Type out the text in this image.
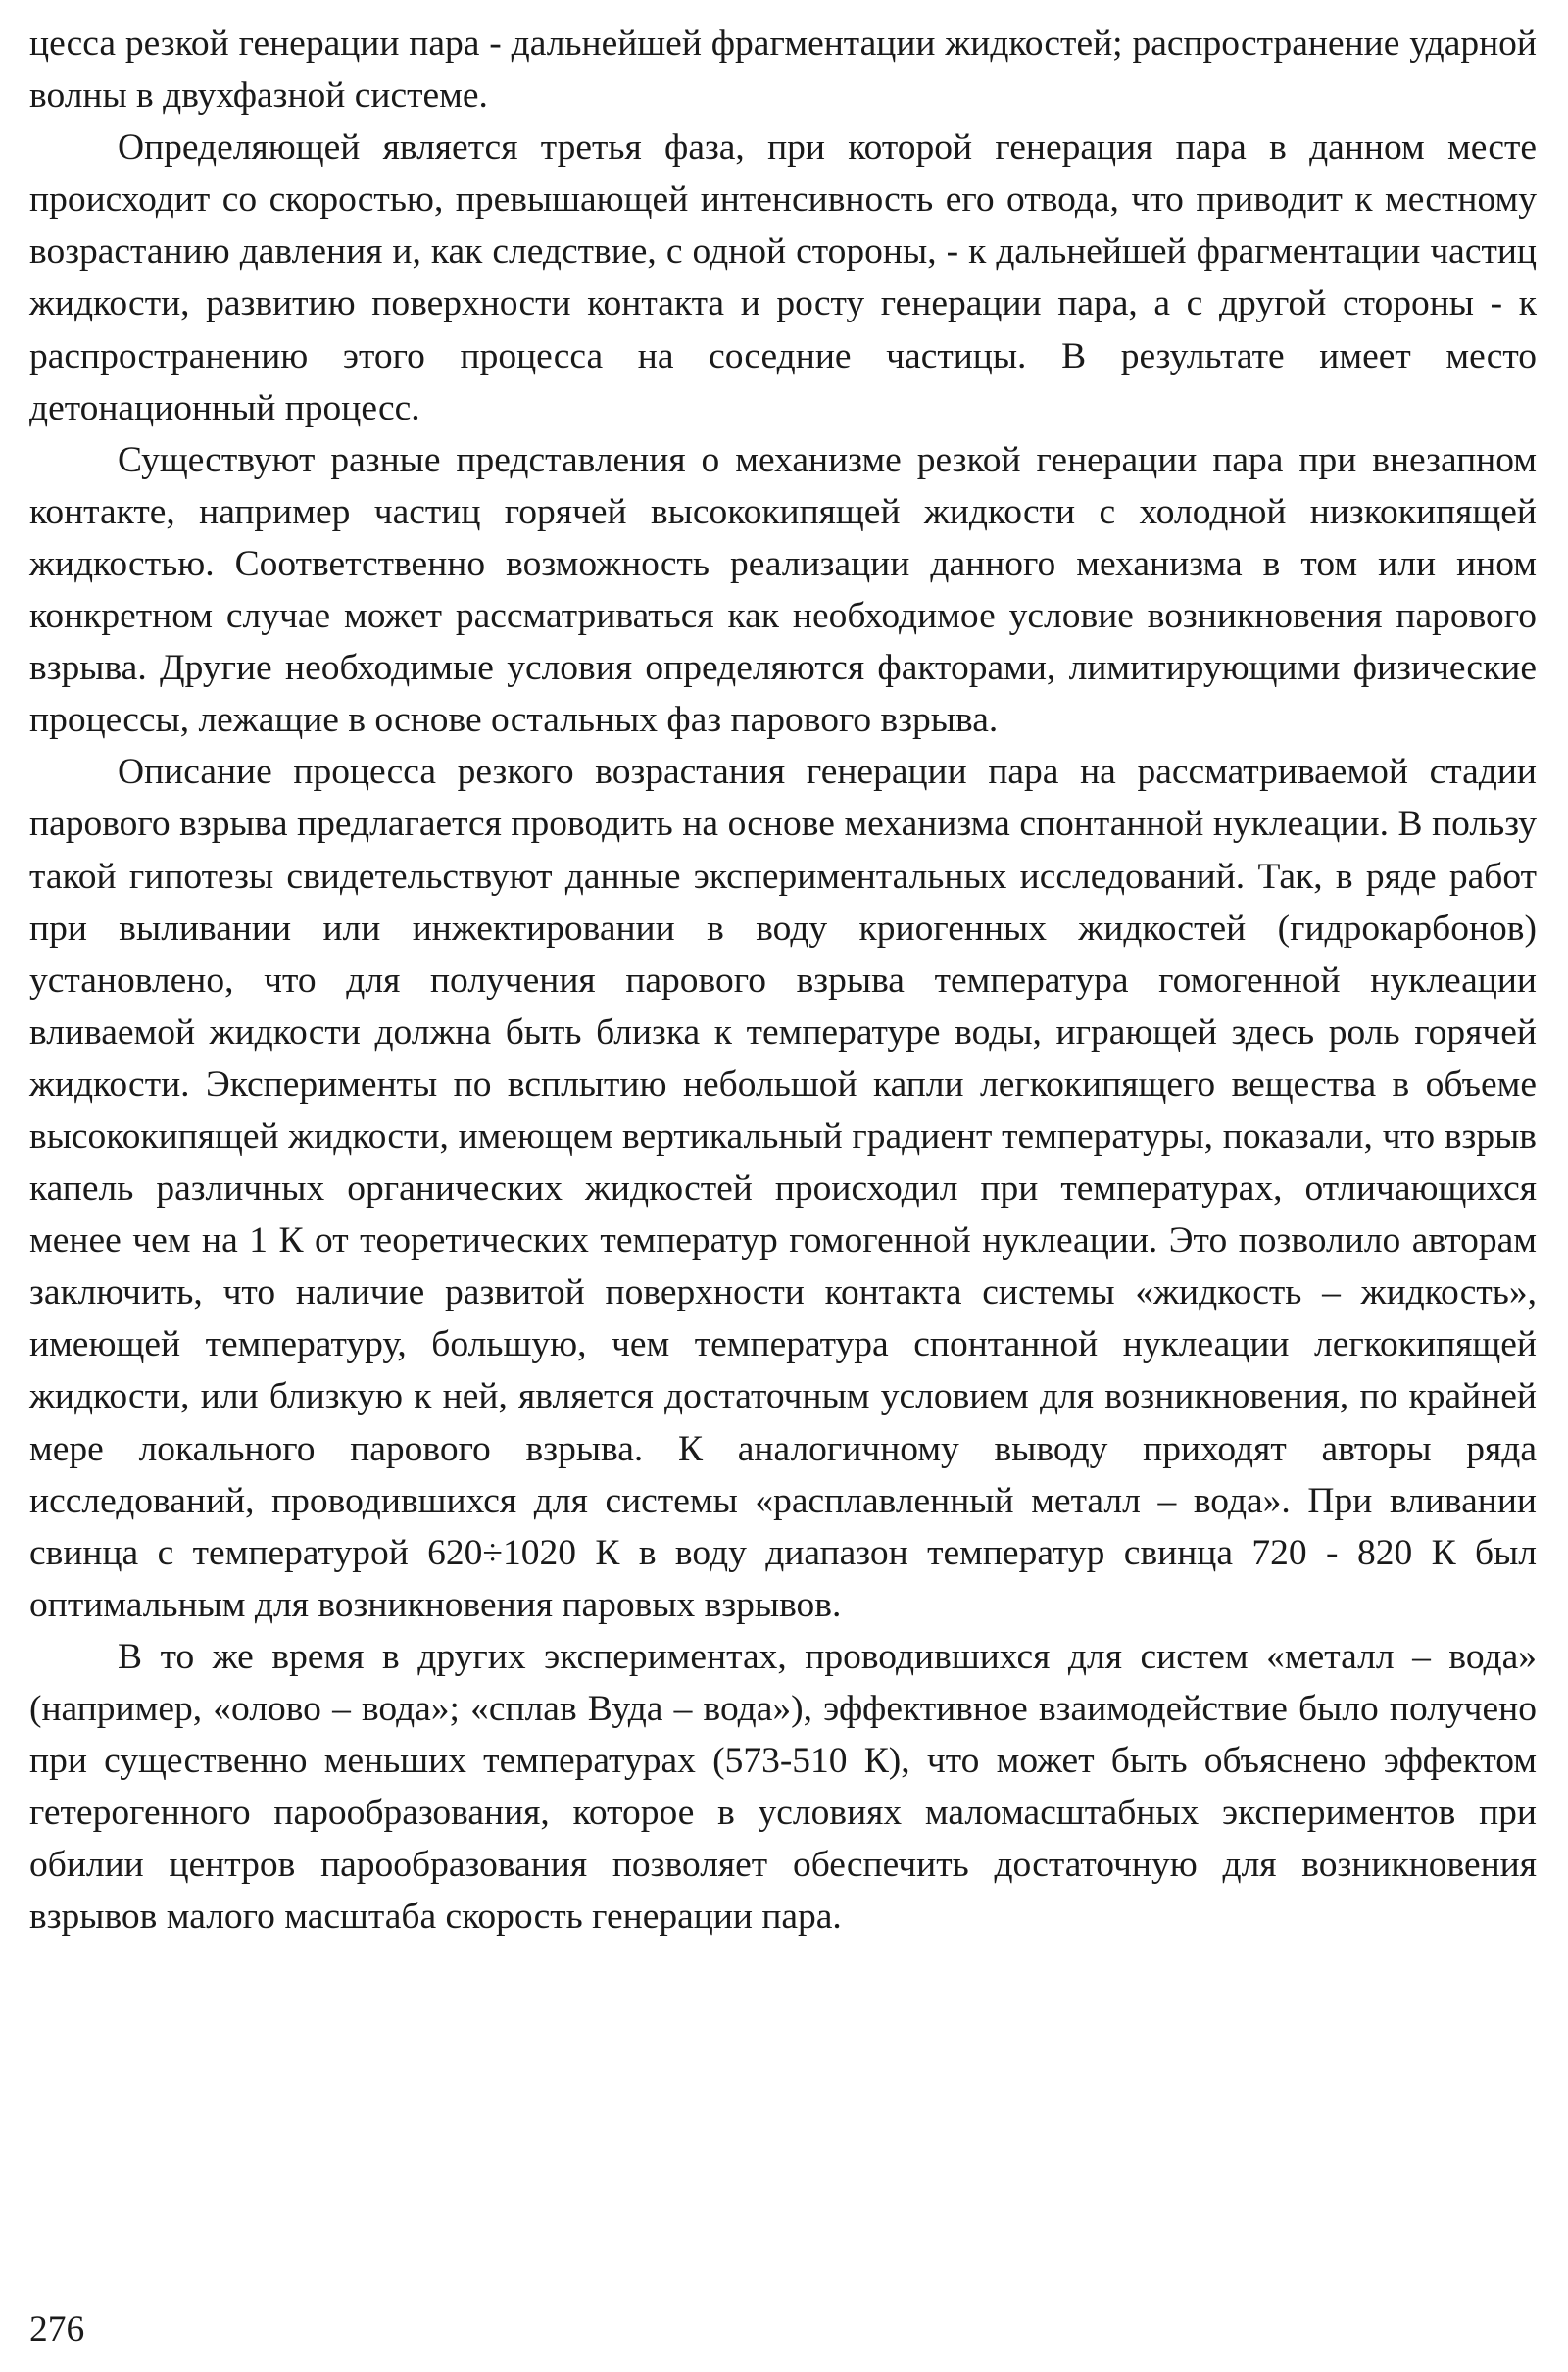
цесса резкой генерации пара - дальнейшей фрагментации жидкостей; распространение ударной волны в двухфазной системе.

Определяющей является третья фаза, при которой генерация пара в данном месте происходит со скоростью, превышающей интенсивность его отвода, что приводит к местному возрастанию давления и, как следствие, с одной стороны, - к дальнейшей фрагментации частиц жидкости, развитию поверхности контакта и росту генерации пара, а с другой стороны - к распространению этого процесса на соседние частицы. В результате имеет место детонационный процесс.

Существуют разные представления о механизме резкой генерации пара при внезапном контакте, например частиц горячей высококипящей жидкости с холодной низкокипящей жидкостью. Соответственно возможность реализации данного механизма в том или ином конкретном случае может рассматриваться как необходимое условие возникновения парового взрыва. Другие необходимые условия определяются факторами, лимитирующими физические процессы, лежащие в основе остальных фаз парового взрыва.

Описание процесса резкого возрастания генерации пара на рассматриваемой стадии парового взрыва предлагается проводить на основе механизма спонтанной нуклеации. В пользу такой гипотезы свидетельствуют данные экспериментальных исследований. Так, в ряде работ при выливании или инжектировании в воду криогенных жидкостей (гидрокарбонов) установлено, что для получения парового взрыва температура гомогенной нуклеации вливаемой жидкости должна быть близка к температуре воды, играющей здесь роль горячей жидкости. Эксперименты по всплытию небольшой капли легкокипящего вещества в объеме высококипящей жидкости, имеющем вертикальный градиент температуры, показали, что взрыв капель различных органических жидкостей происходил при температурах, отличающихся менее чем на 1 К от теоретических температур гомогенной нуклеации. Это позволило авторам заключить, что наличие развитой поверхности контакта системы «жидкость – жидкость», имеющей температуру, большую, чем температура спонтанной нуклеации легкокипящей жидкости, или близкую к ней, является достаточным условием для возникновения, по крайней мере локального парового взрыва. К аналогичному выводу приходят авторы ряда исследований, проводившихся для системы «расплавленный металл – вода». При вливании свинца с температурой 620÷1020 К в воду диапазон температур свинца 720 - 820 К был оптимальным для возникновения паровых взрывов.

В то же время в других экспериментах, проводившихся для систем «металл – вода» (например, «олово – вода»; «сплав Вуда – вода»), эффективное взаимодействие было получено при существенно меньших температурах (573-510 К), что может быть объяснено эффектом гетерогенного парообразования, которое в условиях маломасштабных экспериментов при обилии центров парообразования позволяет обеспечить достаточную для возникновения взрывов малого масштаба скорость генерации пара.

276
